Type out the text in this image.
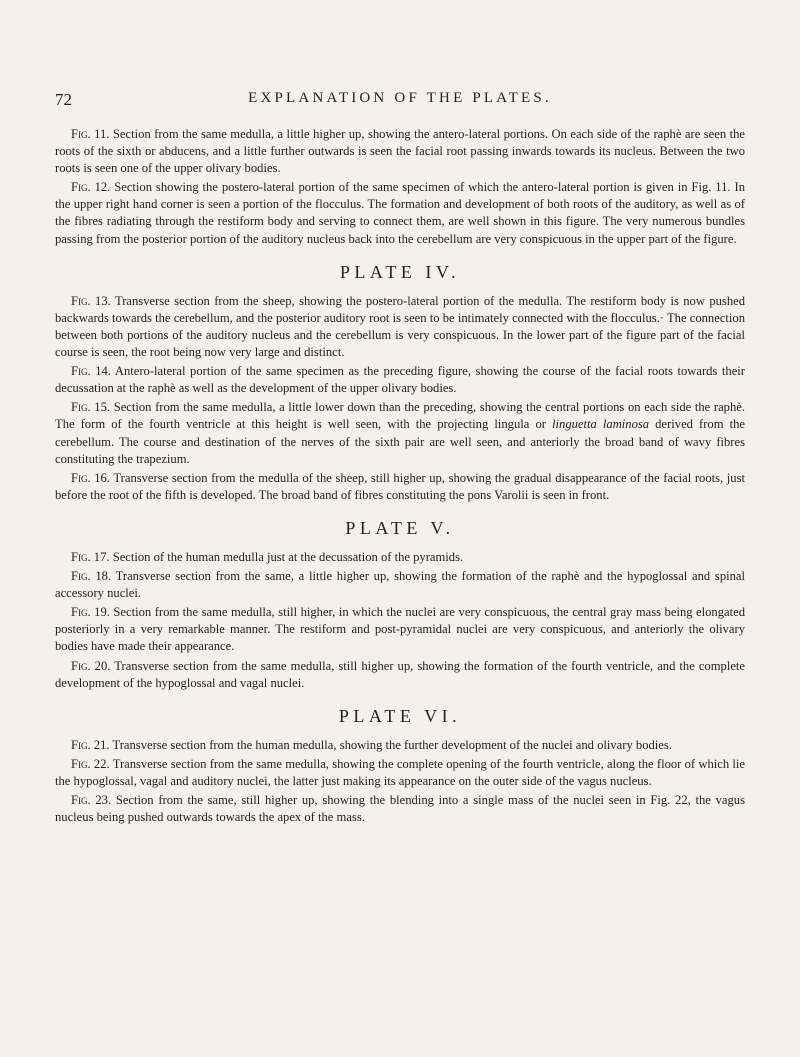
72	EXPLANATION OF THE PLATES.

Fig. 11. Section from the same medulla, a little higher up, showing the antero-lateral portions. On each side of the raphè are seen the roots of the sixth or abducens, and a little further outwards is seen the facial root passing inwards towards its nucleus. Between the two roots is seen one of the upper olivary bodies.

Fig. 12. Section showing the postero-lateral portion of the same specimen of which the antero-lateral portion is given in Fig. 11. In the upper right hand corner is seen a portion of the flocculus. The formation and development of both roots of the auditory, as well as of the fibres radiating through the restiform body and serving to connect them, are well shown in this figure. The very numerous bundles passing from the posterior portion of the auditory nucleus back into the cerebellum are very conspicuous in the upper part of the figure.

PLATE IV.

Fig. 13. Transverse section from the sheep, showing the postero-lateral portion of the medulla. The restiform body is now pushed backwards towards the cerebellum, and the posterior auditory root is seen to be intimately connected with the flocculus.· The connection between both portions of the auditory nucleus and the cerebellum is very conspicuous. In the lower part of the figure part of the facial course is seen, the root being now very large and distinct.

Fig. 14. Antero-lateral portion of the same specimen as the preceding figure, showing the course of the facial roots towards their decussation at the raphè as well as the development of the upper olivary bodies.

Fig. 15. Section from the same medulla, a little lower down than the preceding, showing the central portions on each side the raphè. The form of the fourth ventricle at this height is well seen, with the projecting lingula or linguetta laminosa derived from the cerebellum. The course and destination of the nerves of the sixth pair are well seen, and anteriorly the broad band of wavy fibres constituting the trapezium.

Fig. 16. Transverse section from the medulla of the sheep, still higher up, showing the gradual disappearance of the facial roots, just before the root of the fifth is developed. The broad band of fibres constituting the pons Varolii is seen in front.

PLATE V.

Fig. 17. Section of the human medulla just at the decussation of the pyramids.

Fig. 18. Transverse section from the same, a little higher up, showing the formation of the raphè and the hypoglossal and spinal accessory nuclei.

Fig. 19. Section from the same medulla, still higher, in which the nuclei are very conspicuous, the central gray mass being elongated posteriorly in a very remarkable manner. The restiform and post-pyramidal nuclei are very conspicuous, and anteriorly the olivary bodies have made their appearance.

Fig. 20. Transverse section from the same medulla, still higher up, showing the formation of the fourth ventricle, and the complete development of the hypoglossal and vagal nuclei.

PLATE VI.

Fig. 21. Transverse section from the human medulla, showing the further development of the nuclei and olivary bodies.

Fig. 22. Transverse section from the same medulla, showing the complete opening of the fourth ventricle, along the floor of which lie the hypoglossal, vagal and auditory nuclei, the latter just making its appearance on the outer side of the vagus nucleus.

Fig. 23. Section from the same, still higher up, showing the blending into a single mass of the nuclei seen in Fig. 22, the vagus nucleus being pushed outwards towards the apex of the mass.
